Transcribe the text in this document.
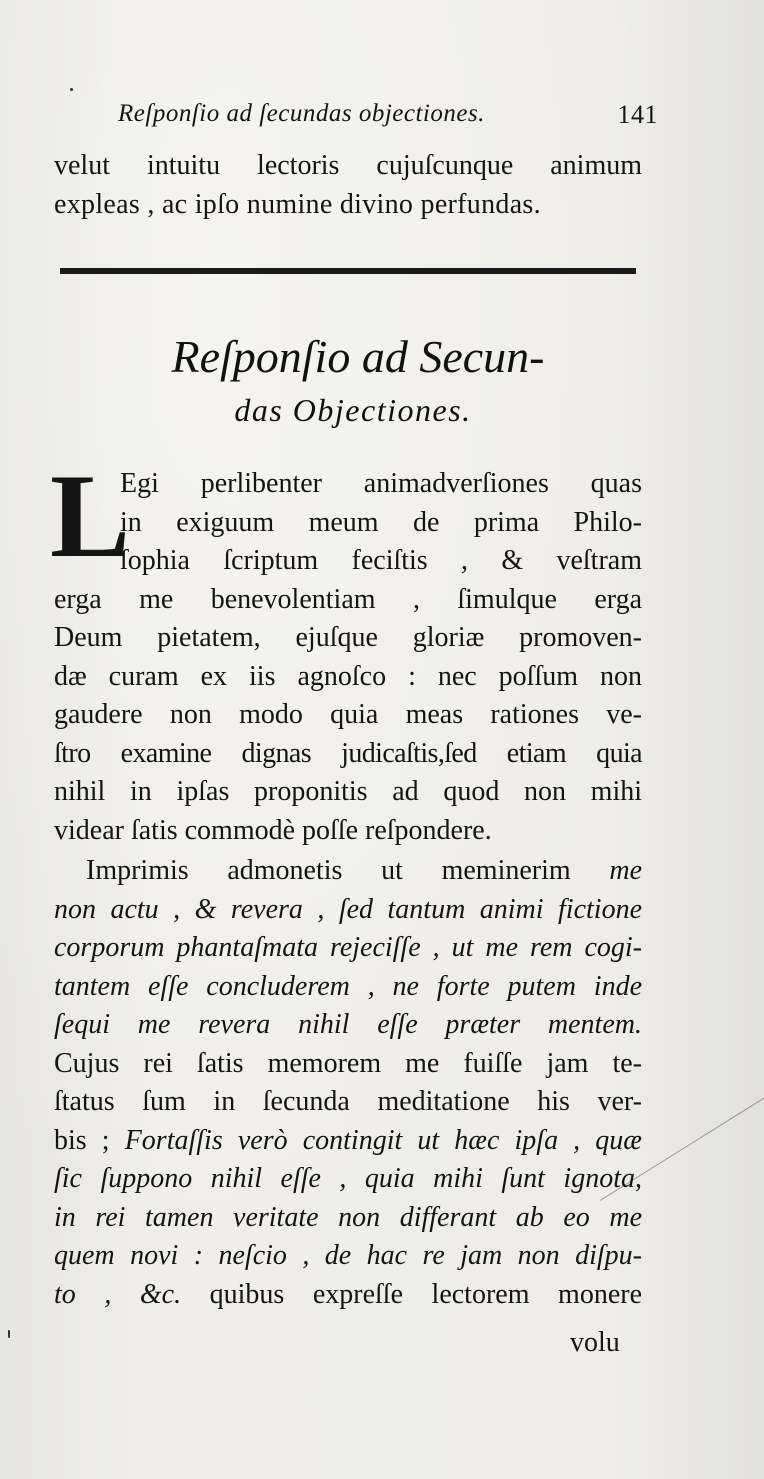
Reſponſio ad ſecundas objectiones.	141
velut intuitu lectoris cujuſcunque animum
expleas , ac ipſo numine divino perfundas.
Reſponſio ad Secun-
das Objectiones.
L
Egi perlibenter animadverſiones quas
in exiguum meum de prima Philo-
ſophia ſcriptum feciſtis , & veſtram
erga me benevolentiam , ſimulque erga
Deum pietatem, ejuſque gloriæ promoven-
dæ curam ex iis agnoſco : nec poſſum non
gaudere non modo quia meas rationes ve-
ſtro examine dignas judicaſtis,ſed etiam quia
nihil in ipſas proponitis ad quod non mihi
videar ſatis commodè poſſe reſpondere.
Imprimis admonetis ut meminerim me
non actu , & revera , ſed tantum animi fictione
corporum phantaſmata rejeciſſe , ut me rem cogi-
tantem eſſe concluderem , ne forte putem inde
ſequi me revera nihil eſſe præter mentem.
Cujus rei ſatis memorem me fuiſſe jam te-
ſtatus ſum in ſecunda meditatione his ver-
bis ; Fortaſſis verò contingit ut hæc ipſa , quæ
ſic ſuppono nihil eſſe , quia mihi ſunt ignota,
in rei tamen veritate non differant ab eo me
quem novi : neſcio , de hac re jam non diſpu-
to , &c. quibus expreſſe lectorem monere
volu
